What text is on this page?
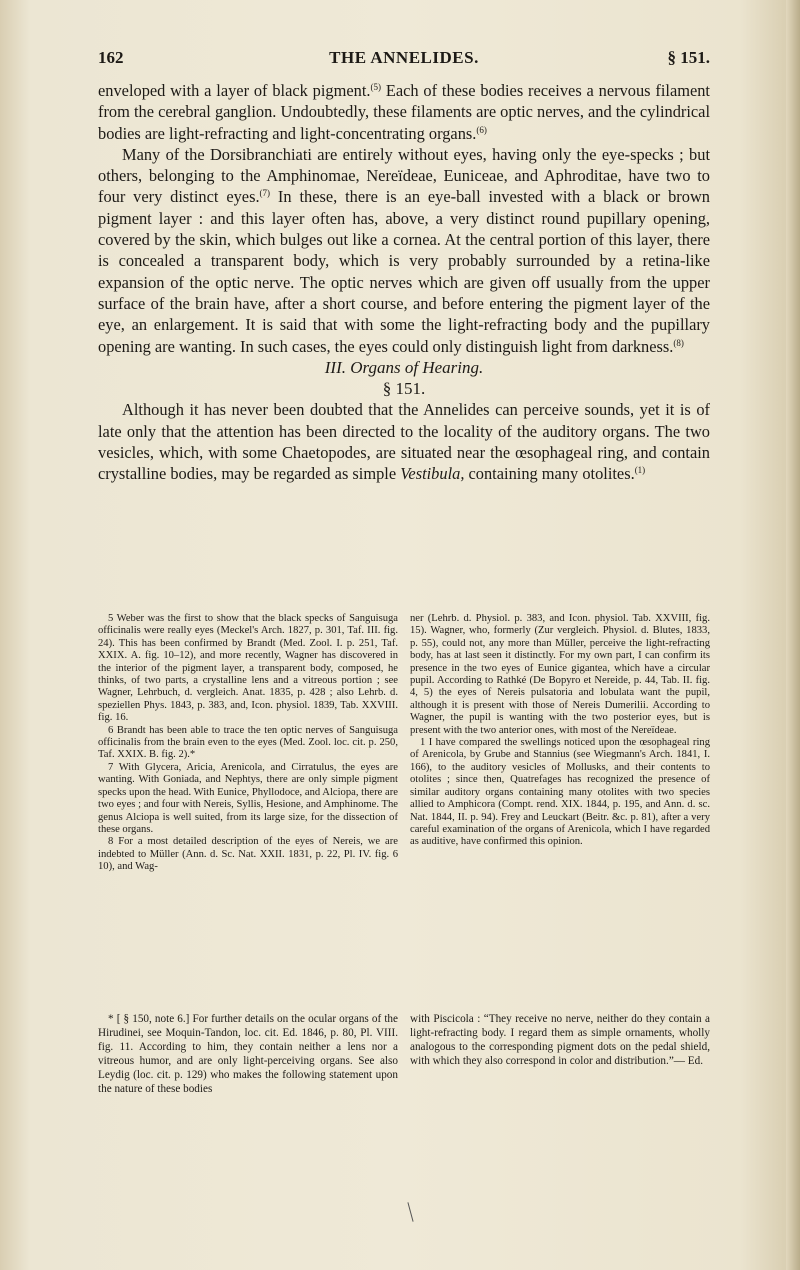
162	THE ANNELIDES.	§ 151.

enveloped with a layer of black pigment.$^{(5)}$ Each of these bodies receives a nervous filament from the cerebral ganglion. Undoubtedly, these filaments are optic nerves, and the cylindrical bodies are light-refracting and light-concentrating organs.$^{(6)}$

Many of the Dorsibranchiati are entirely without eyes, having only the eye-specks ; but others, belonging to the Amphinomae, Nereïdeae, Euniceae, and Aphroditae, have two to four very distinct eyes.$^{(7)}$ In these, there is an eye-ball invested with a black or brown pigment layer : and this layer often has, above, a very distinct round pupillary opening, covered by the skin, which bulges out like a cornea. At the central portion of this layer, there is concealed a transparent body, which is very probably surrounded by a retina-like expansion of the optic nerve. The optic nerves which are given off usually from the upper surface of the brain have, after a short course, and before entering the pigment layer of the eye, an enlargement. It is said that with some the light-refracting body and the pupillary opening are wanting. In such cases, the eyes could only distinguish light from darkness.$^{(8)}$

III. Organs of Hearing.

§ 151.

Although it has never been doubted that the Annelides can perceive sounds, yet it is of late only that the attention has been directed to the locality of the auditory organs. The two vesicles, which, with some Chaetopodes, are situated near the œsophageal ring, and contain crystalline bodies, may be regarded as simple Vestibula, containing many otolites.$^{(1)}$

5 Weber was the first to show that the black specks of Sanguisuga officinalis were really eyes (Meckel's Arch. 1827, p. 301, Taf. III. fig. 24). This has been confirmed by Brandt (Med. Zool. I. p. 251, Taf. XXIX. A. fig. 10–12), and more recently, Wagner has discovered in the interior of the pigment layer, a transparent body, composed, he thinks, of two parts, a crystalline lens and a vitreous portion ; see Wagner, Lehrbuch, d. vergleich. Anat. 1835, p. 428 ; also Lehrb. d. speziellen Phys. 1843, p. 383, and, Icon. physiol. 1839, Tab. XXVIII. fig. 16.

6 Brandt has been able to trace the ten optic nerves of Sanguisuga officinalis from the brain even to the eyes (Med. Zool. loc. cit. p. 250, Taf. XXIX. B. fig. 2).*

7 With Glycera, Aricia, Arenicola, and Cirratulus, the eyes are wanting. With Goniada, and Nephtys, there are only simple pigment specks upon the head. With Eunice, Phyllodoce, and Alciopa, there are two eyes ; and four with Nereis, Syllis, Hesione, and Amphinome. The genus Alciopa is well suited, from its large size, for the dissection of these organs.

8 For a most detailed description of the eyes of Nereis, we are indebted to Müller (Ann. d. Sc. Nat. XXII. 1831, p. 22, Pl. IV. fig. 6 10), and Wag-

ner (Lehrb. d. Physiol. p. 383, and Icon. physiol. Tab. XXVIII, fig. 15). Wagner, who, formerly (Zur vergleich. Physiol. d. Blutes, 1833, p. 55), could not, any more than Müller, perceive the light-refracting body, has at last seen it distinctly. For my own part, I can confirm its presence in the two eyes of Eunice gigantea, which have a circular pupil. According to Rathké (De Bopyro et Nereide, p. 44, Tab. II. fig. 4, 5) the eyes of Nereis pulsatoria and lobulata want the pupil, although it is present with those of Nereis Dumerilii. According to Wagner, the pupil is wanting with the two posterior eyes, but is present with the two anterior ones, with most of the Nereïdeae.

1 I have compared the swellings noticed upon the œsophageal ring of Arenicola, by Grube and Stannius (see Wiegmann's Arch. 1841, I. 166), to the auditory vesicles of Mollusks, and their contents to otolites ; since then, Quatrefages has recognized the presence of similar auditory organs containing many otolites with two species allied to Amphicora (Compt. rend. XIX. 1844, p. 195, and Ann. d. sc. Nat. 1844, II. p. 94). Frey and Leuckart (Beitr. &c. p. 81), after a very careful examination of the organs of Arenicola, which I have regarded as auditive, have confirmed this opinion.

* [ § 150, note 6.] For further details on the ocular organs of the Hirudinei, see Moquin-Tandon, loc. cit. Ed. 1846, p. 80, Pl. VIII. fig. 11. According to him, they contain neither a lens nor a vitreous humor, and are only light-perceiving organs. See also Leydig (loc. cit. p. 129) who makes the following statement upon the nature of these bodies

with Piscicola : “They receive no nerve, neither do they contain a light-refracting body. I regard them as simple ornaments, wholly analogous to the corresponding pigment dots on the pedal shield, with which they also correspond in color and distribution.”— Ed.
